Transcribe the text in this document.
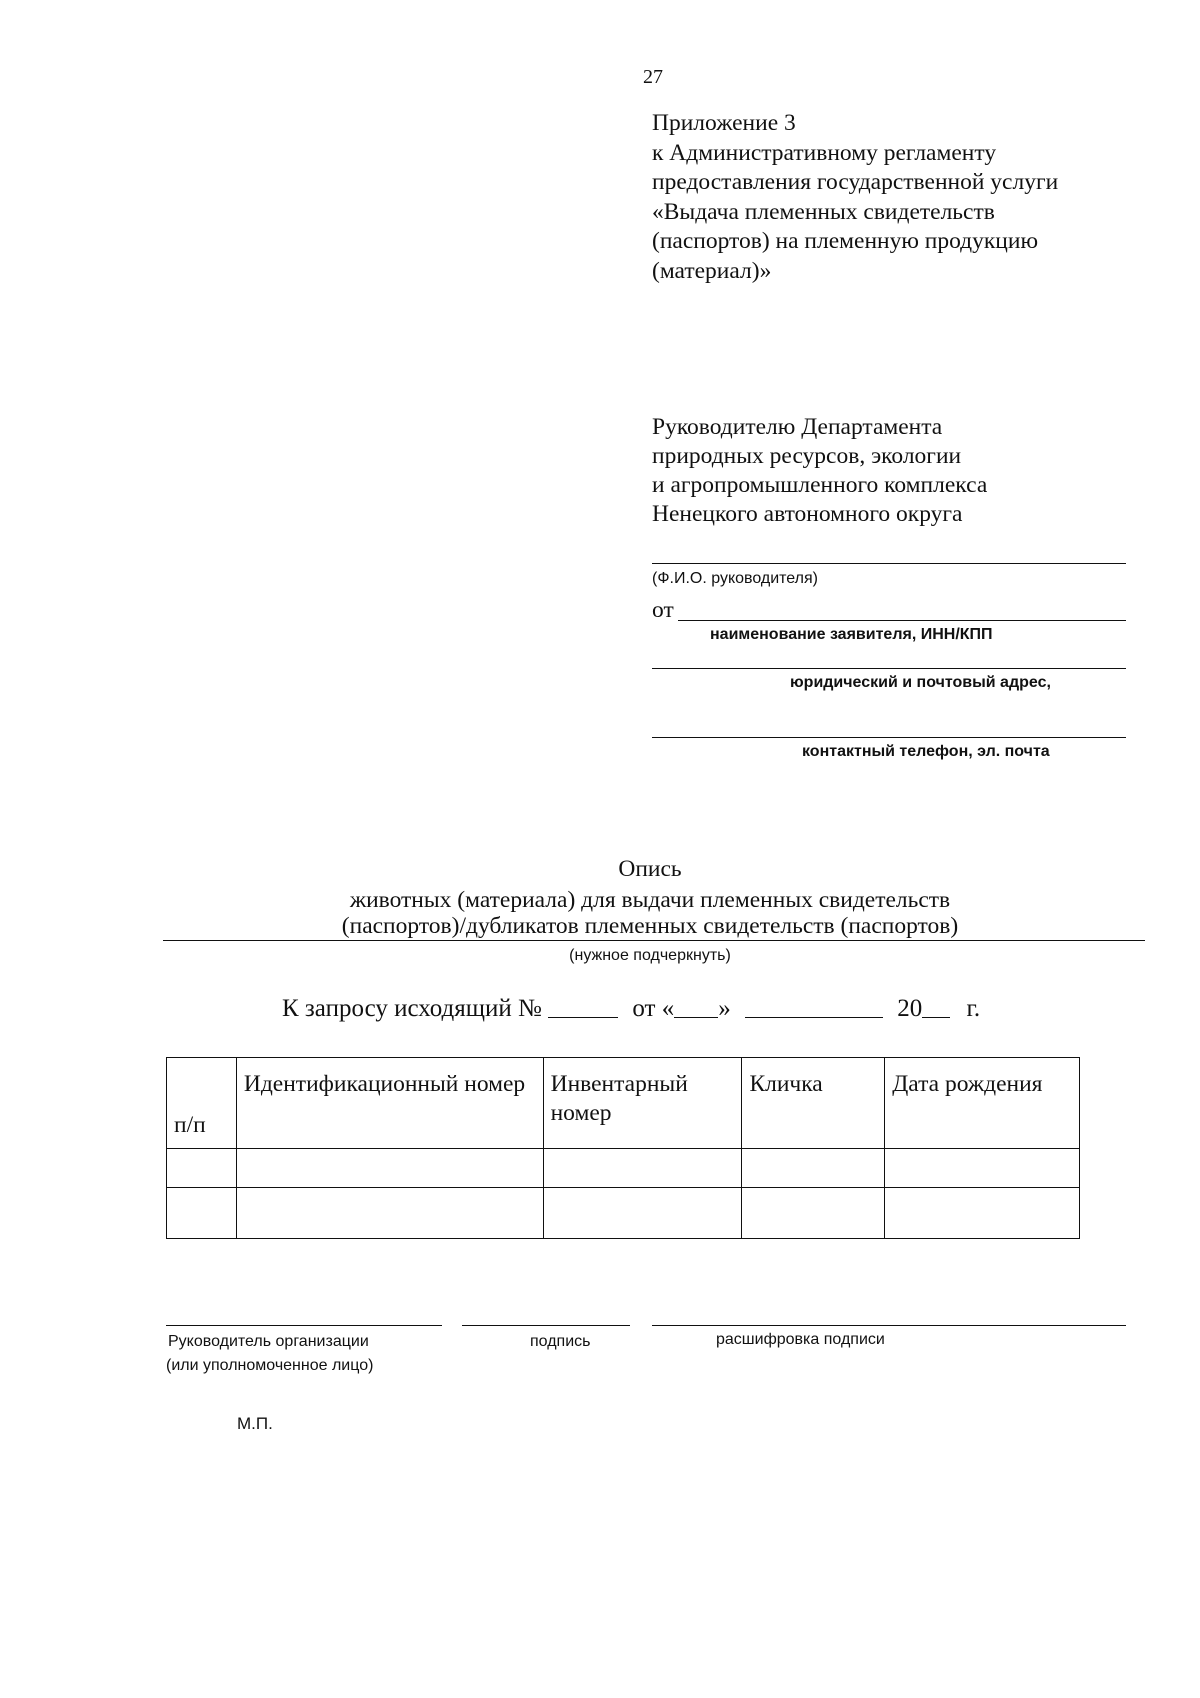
27
Приложение 3
к Административному регламенту
предоставления государственной услуги
«Выдача племенных свидетельств
(паспортов) на племенную продукцию
(материал)»
Руководителю Департамента
природных ресурсов, экологии
и агропромышленного комплекса
Ненецкого автономного округа
(Ф.И.О. руководителя)
от
наименование заявителя, ИНН/КПП
юридический и почтовый адрес,
контактный телефон, эл. почта
Опись
животных (материала) для выдачи племенных свидетельств
(паспортов)/дубликатов племенных свидетельств (паспортов)
(нужное подчеркнуть)
К запросу исходящий №	от « »	20 г.
п/п	Идентификационный номер	Инвентарный номер	Кличка	Дата рождения

Руководитель организации
(или уполномоченное лицо)
подпись	расшифровка подписи
М.П.
